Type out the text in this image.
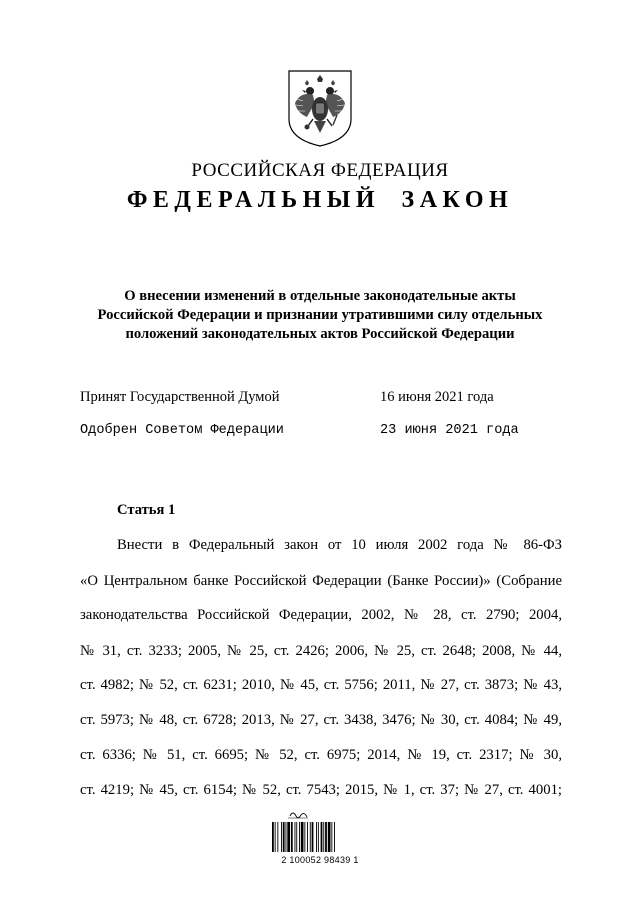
РОССИЙСКАЯ ФЕДЕРАЦИЯ
ФЕДЕРАЛЬНЫЙ ЗАКОН
О внесении изменений в отдельные законодательные акты
Российской Федерации и признании утратившими силу отдельных
положений законодательных актов Российской Федерации
Принят Государственной Думой	16 июня 2021 года
Одобрен Советом Федерации	23 июня 2021 года
Статья 1
Внести в Федеральный закон от 10 июля 2002 года № 86-ФЗ
«О Центральном банке Российской Федерации (Банке России)» (Собрание
законодательства Российской Федерации, 2002, № 28, ст. 2790; 2004,
№ 31, ст. 3233; 2005, № 25, ст. 2426; 2006, № 25, ст. 2648; 2008, № 44,
ст. 4982; № 52, ст. 6231; 2010, № 45, ст. 5756; 2011, № 27, ст. 3873; № 43,
ст. 5973; № 48, ст. 6728; 2013, № 27, ст. 3438, 3476; № 30, ст. 4084; № 49,
ст. 6336; № 51, ст. 6695; № 52, ст. 6975; 2014, № 19, ст. 2317; № 30,
ст. 4219; № 45, ст. 6154; № 52, ст. 7543; 2015, № 1, ст. 37; № 27, ст. 4001;
2 100052 98439 1
